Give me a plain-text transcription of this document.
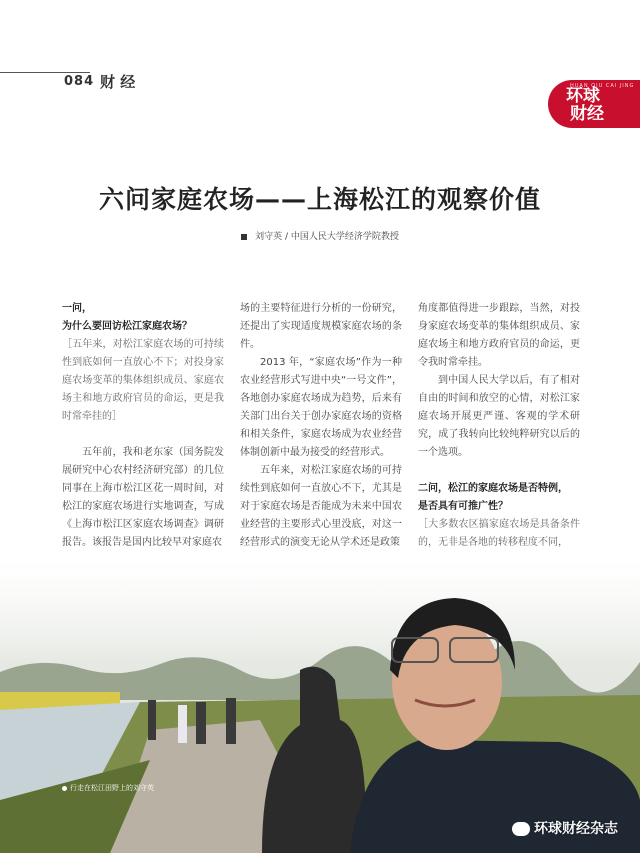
084 财 经	HUAN QIU CAI JING
环球
财经
六问家庭农场——上海松江的观察价值
刘守英 / 中国人民大学经济学院教授

一问，

为什么要回访松江家庭农场？

［五年来，对松江家庭农场的可持续性到底如何一直放心不下；对投身家庭农场变革的集体组织成员、家庭农场主和地方政府官员的命运，更是我时常牵挂的］

五年前，我和老东家（国务院发展研究中心农村经济研究部）的几位同事在上海市松江区花一周时间，对松江的家庭农场进行实地调查，写成《上海市松江区家庭农场调查》调研报告。该报告是国内比较早对家庭农

场的主要特征进行分析的一份研究，还提出了实现适度规模家庭农场的条件。

2013 年，“家庭农场”作为一种农业经营形式写进中央“一号文件”，各地创办家庭农场成为趋势，后来有关部门出台关于创办家庭农场的资格和相关条件，家庭农场成为农业经营体制创新中最为接受的经营形式。

五年来，对松江家庭农场的可持续性到底如何一直放心不下，尤其是对于家庭农场是否能成为未来中国农业经营的主要形式心里没底，对这一经营形式的演变无论从学术还是政策

角度都值得进一步跟踪，当然，对投身家庭农场变革的集体组织成员、家庭农场主和地方政府官员的命运，更令我时常牵挂。

到中国人民大学以后，有了相对自由的时间和放空的心情，对松江家庭农场开展更严谨、客观的学术研究，成了我转向比较纯粹研究以后的一个选项。

二问，松江的家庭农场是否特例，

是否具有可推广性？

［大多数农区搞家庭农场是具备条件的，无非是各地的转移程度不同，

行走在松江田野上的刘守英
环球财经杂志
